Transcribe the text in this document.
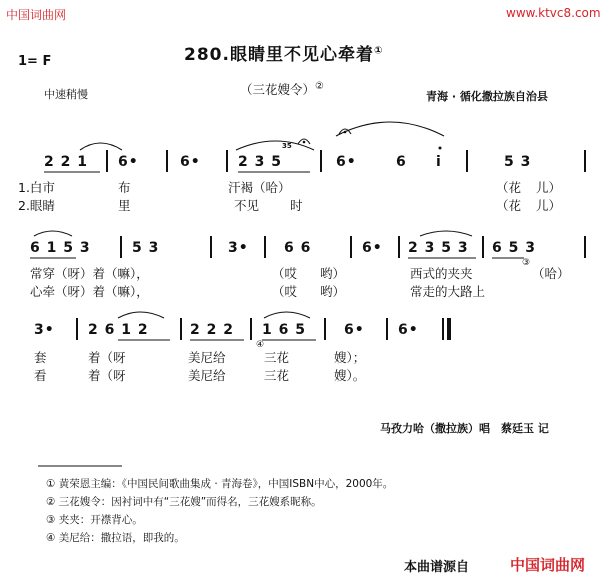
中国词曲网	www.ktvc8.com
280.眼睛里不见心牵着①
1= F
中速稍慢	（三花嫂令）②
青海 · 循化撒拉族自治县
2 2 1 6•	6•
35
2 3 5	6•	6 i	5 3
1.白市	布	汗褐（哈）	（花 儿）
2.眼睛	里	不见 时	（花 儿）
6 1 5 3	5 3	3•	6 6	6• 2 3 5 3 6 5 3
常穿（呀）着（嘛），	（哎 哟）	西式的夹夹
③
（哈）
心牵（呀）着（嘛），	（哎 哟）	常走的大路上
3• 2 6 1 2	2 2 2 1 6 5	6• 6•
套	着（呀	美尼给
④
三花	嫂）；
看	着（呀	美尼给	三花	嫂）。
马孜力哈（撒拉族）唱　蔡廷玉 记
① 黄荣恩主编：《中国民间歌曲集成 · 青海卷》，中国ISBN中心，2000年。
② 三花嫂令：因衬词中有“三花嫂”而得名，三花嫂系昵称。
③ 夹夹：开襟背心。
④ 美尼给：撒拉语，即我的。
本曲谱源自	中国词曲网
